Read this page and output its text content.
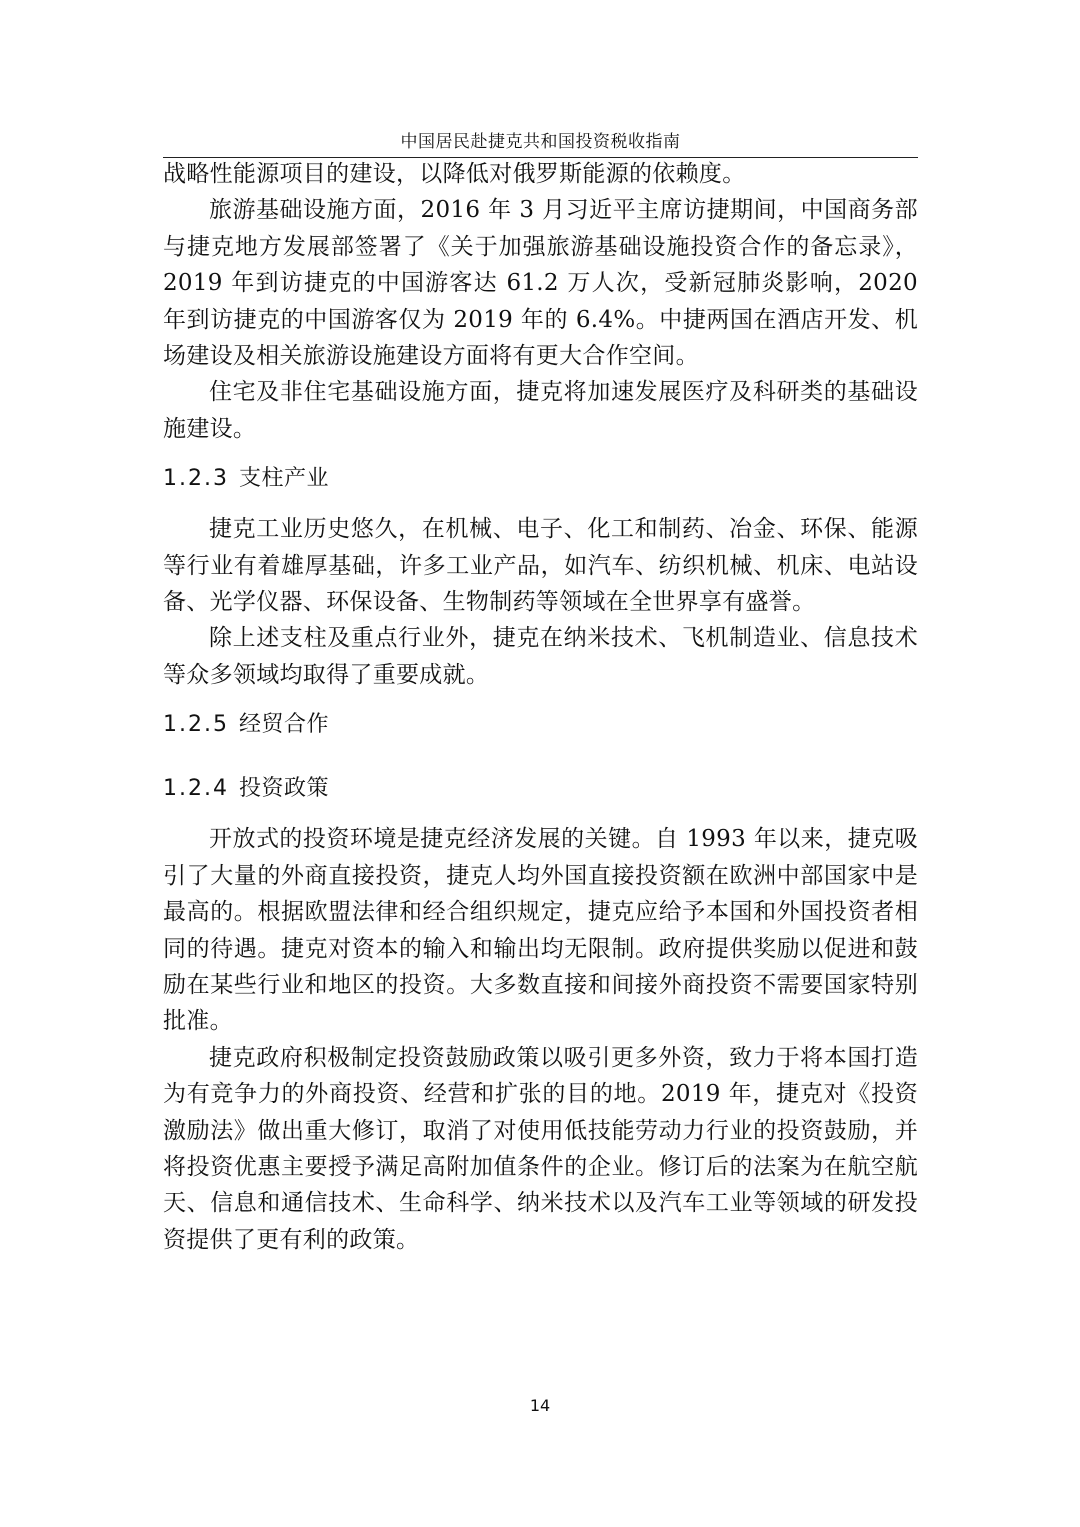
中国居民赴捷克共和国投资税收指南

战略性能源项目的建设，以降低对俄罗斯能源的依赖度。

旅游基础设施方面，2016 年 3 月习近平主席访捷期间，中国商务部与捷克地方发展部签署了《关于加强旅游基础设施投资合作的备忘录》，2019 年到访捷克的中国游客达 61.2 万人次，受新冠肺炎影响，2020 年到访捷克的中国游客仅为 2019 年的 6.4%。中捷两国在酒店开发、机场建设及相关旅游设施建设方面将有更大合作空间。

住宅及非住宅基础设施方面，捷克将加速发展医疗及科研类的基础设施建设。

1.2.3 支柱产业

捷克工业历史悠久，在机械、电子、化工和制药、冶金、环保、能源等行业有着雄厚基础，许多工业产品，如汽车、纺织机械、机床、电站设备、光学仪器、环保设备、生物制药等领域在全世界享有盛誉。

除上述支柱及重点行业外，捷克在纳米技术、飞机制造业、信息技术等众多领域均取得了重要成就。

1.2.5 经贸合作
1.2.4 投资政策

开放式的投资环境是捷克经济发展的关键。自 1993 年以来，捷克吸引了大量的外商直接投资，捷克人均外国直接投资额在欧洲中部国家中是最高的。根据欧盟法律和经合组织规定，捷克应给予本国和外国投资者相同的待遇。捷克对资本的输入和输出均无限制。政府提供奖励以促进和鼓励在某些行业和地区的投资。大多数直接和间接外商投资不需要国家特别批准。

捷克政府积极制定投资鼓励政策以吸引更多外资，致力于将本国打造为有竞争力的外商投资、经营和扩张的目的地。2019 年，捷克对《投资激励法》做出重大修订，取消了对使用低技能劳动力行业的投资鼓励，并将投资优惠主要授予满足高附加值条件的企业。修订后的法案为在航空航天、信息和通信技术、生命科学、纳米技术以及汽车工业等领域的研发投资提供了更有利的政策。

14
